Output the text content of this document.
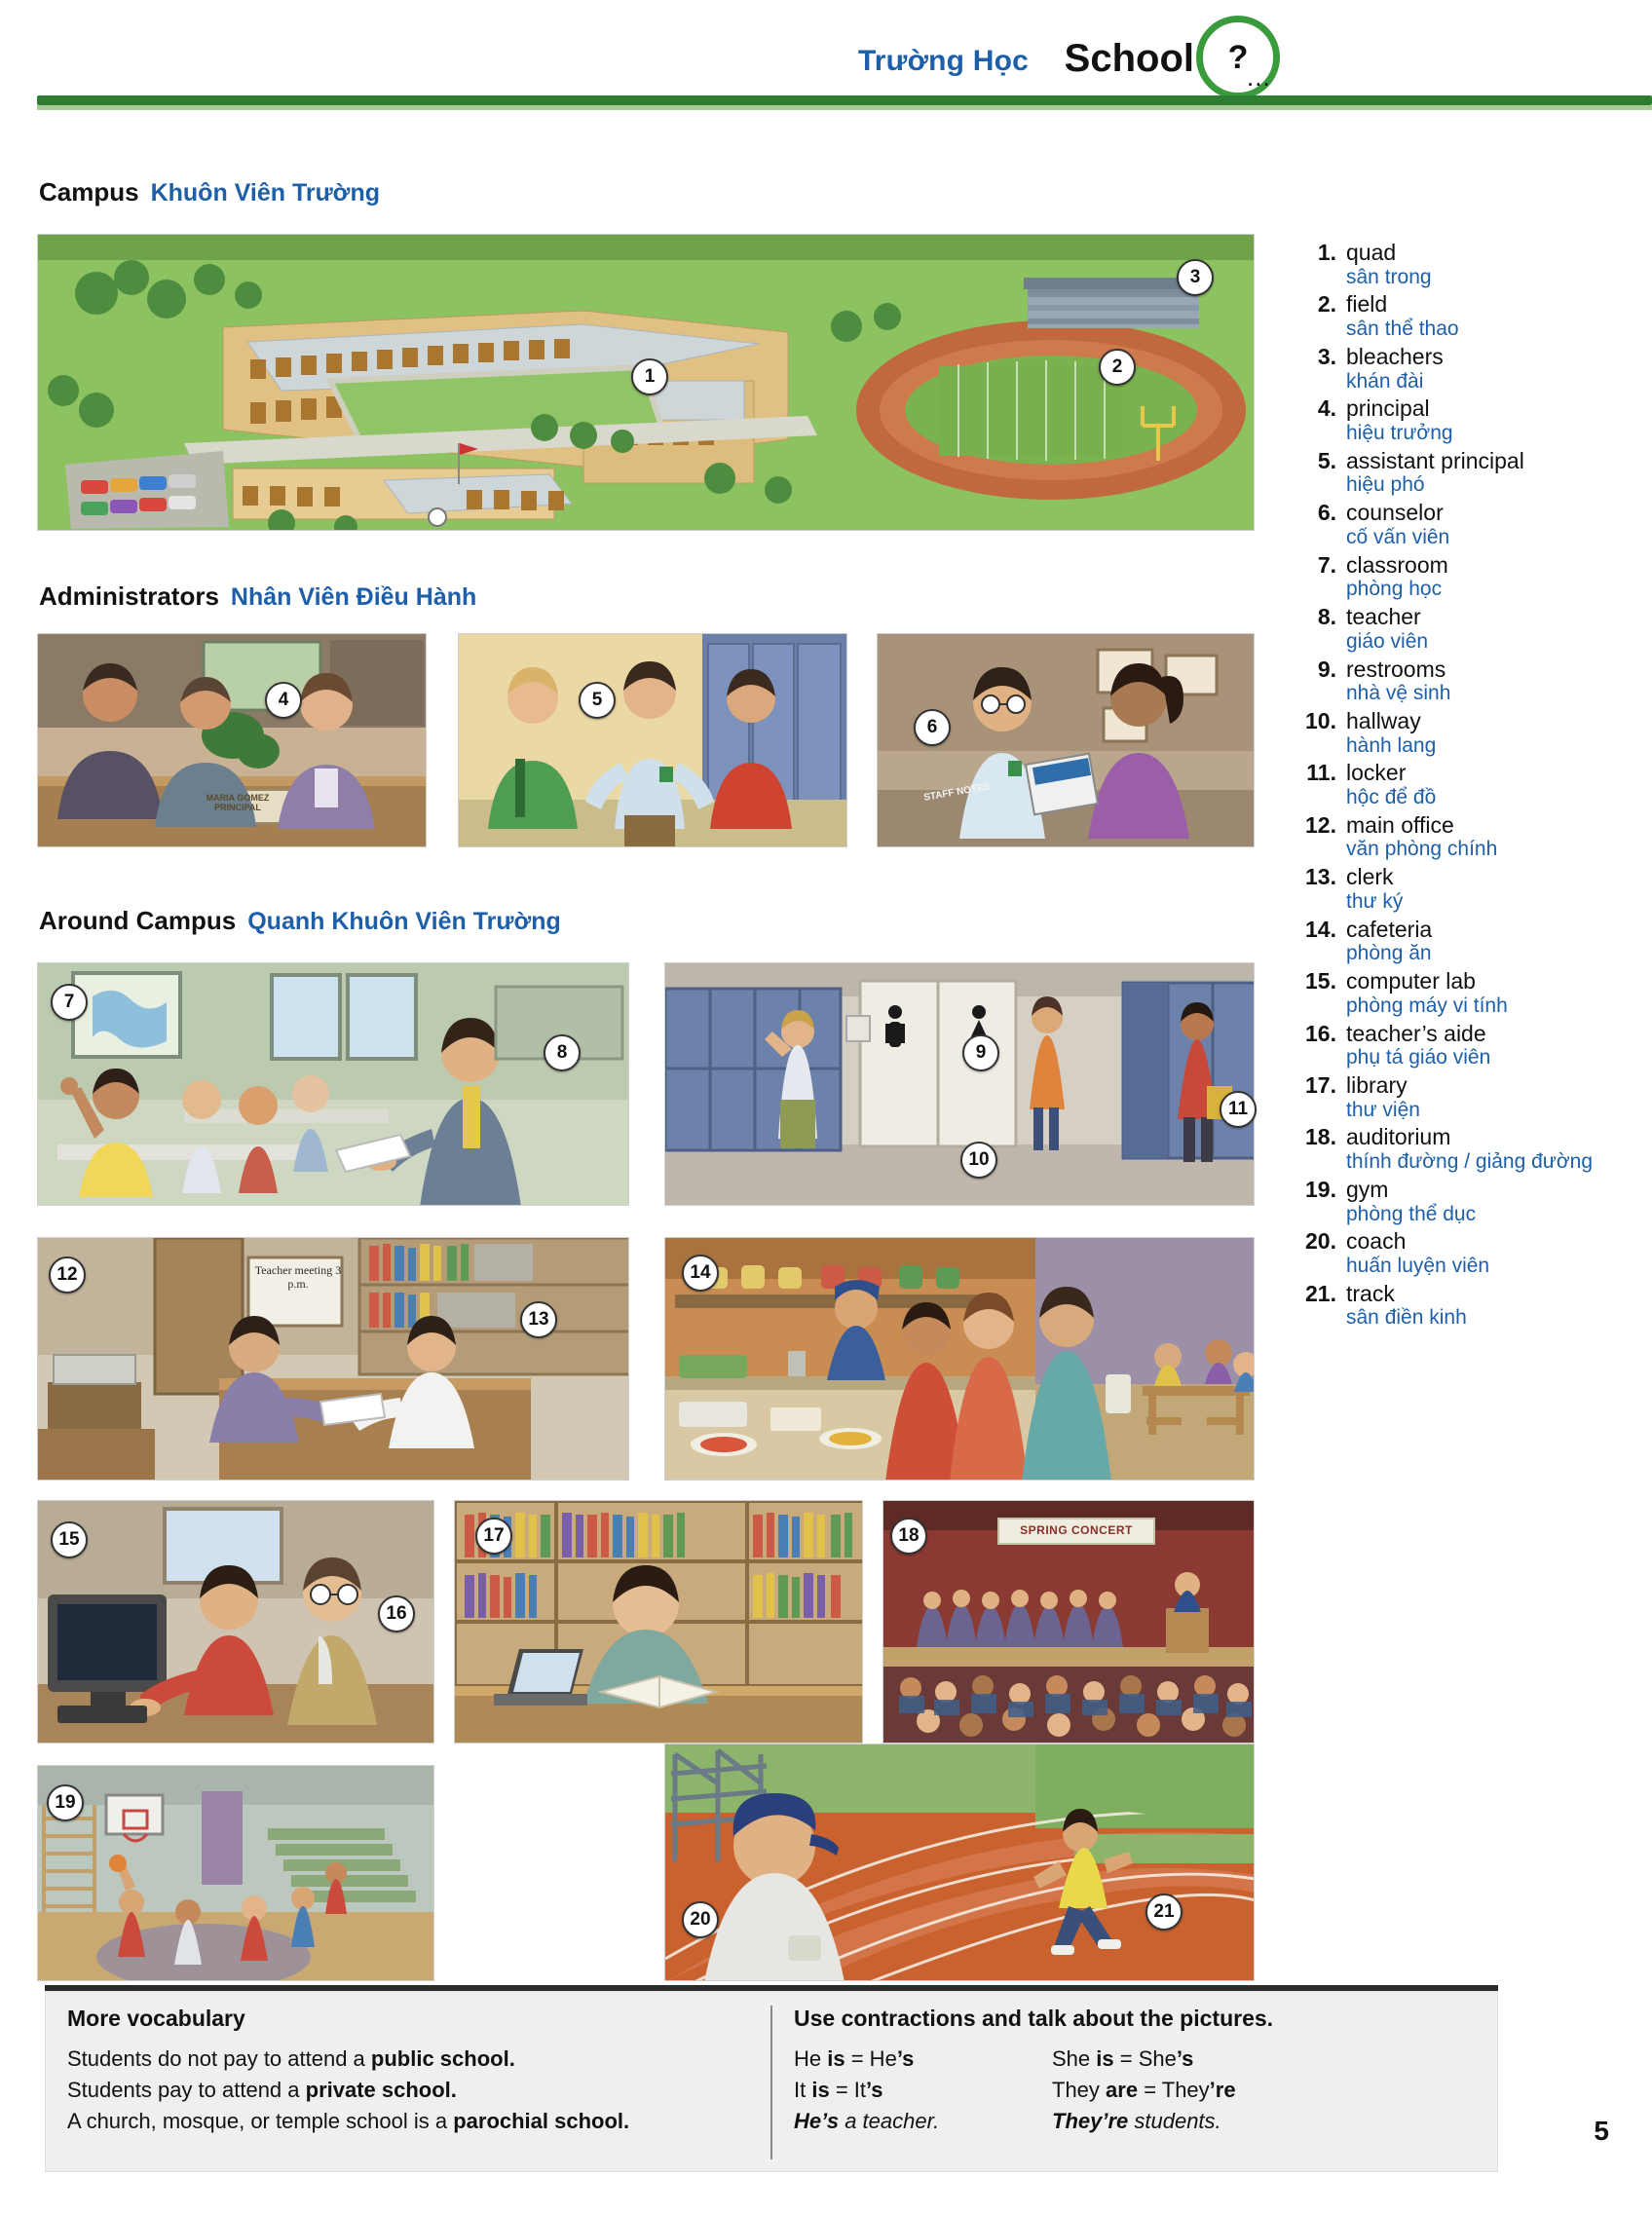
Trường Học School	?
...
Campus Khuôn Viên Trường
3
2
1
Administrators Nhân Viên Điều Hành
MARIA GOMEZ PRINCIPAL
4	5
6
STAFF NOTES
Around Campus Quanh Khuôn Viên Trường
7
8	9
10
11
Teacher meeting 3 p.m.
12
13
14
15
16
17	SPRING CONCERT
18
19
20	21
1. quad
sân trong
2. field
sân thể thao
3. bleachers
khán đài
4. principal
hiệu trưởng
5. assistant principal
hiệu phó
6. counselor
cố vấn viên
7. classroom
phòng học
8. teacher
giáo viên
9. restrooms
nhà vệ sinh
10. hallway
hành lang
11. locker
hộc để đồ
12. main office
văn phòng chính
13. clerk
thư ký
14. cafeteria
phòng ăn
15. computer lab
phòng máy vi tính
16. teacher’s aide
phụ tá giáo viên
17. library
thư viện
18. auditorium
thính đường / giảng đường
19. gym
phòng thể dục
20. coach
huấn luyện viên
21. track
sân điền kinh
More vocabulary
Students do not pay to attend a public school.
Students pay to attend a private school.
A church, mosque, or temple school is a parochial school.
Use contractions and talk about the pictures.
He is = He’s	She is = She’s
It is = It’s	They are = They’re
He’s a teacher.	They’re students.	5
